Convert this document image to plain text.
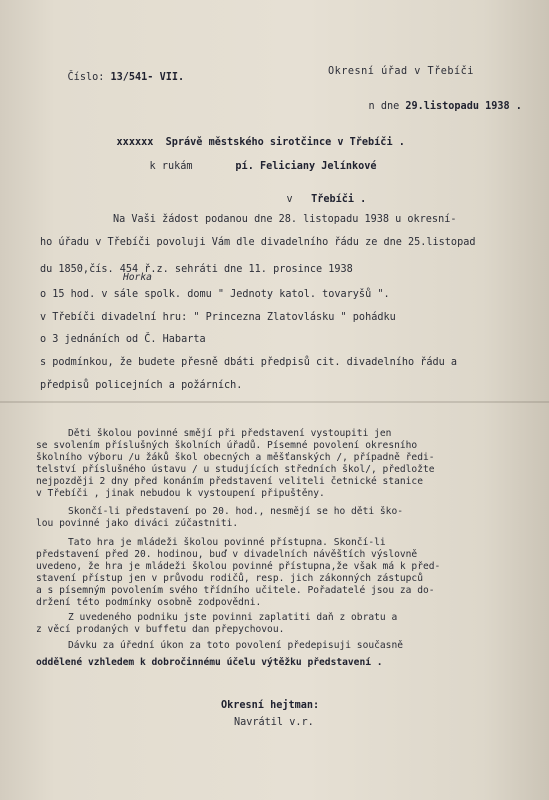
Číslo: 13/541- VII.

Okresní úřad v Třebíči

n dne 29.listopadu 1938 .

xxxxxx Správě městského sirotčince v Třebíči .

k rukám	pí. Feliciany Jelínkové

v Třebíči .

Na Vaši žádost podanou dne 28. listopadu 1938 u okresní-
ho úřadu v Třebíči povoluji Vám dle divadelního řádu ze dne 25.listopad
du 1850,čís. 454 ř.z. sehráti dne 11. prosince 1938
Horka
o 15 hod. v sále spolk. domu " Jednoty katol. tovaryšů ".
v Třebíči divadelní hru: " Princezna Zlatovlásku " pohádku
o 3 jednáních od Č. Habarta
s podmínkou, že budete přesně dbáti předpisů cit. divadelního řádu a
předpisů policejních a požárních.
Děti školou povinné smějí při představení vystoupiti jen
se svolením příslušných školních úřadů. Písemné povolení okresního
školního výboru /u žáků škol obecných a měšťanských /, případně ředi-
telství příslušného ústavu / u studujících středních škol/, předložte
nejpozději 2 dny před konáním představení veliteli četnické stanice
v Třebíči , jinak nebudou k vystoupení připuštěny.
Skončí-li představení po 20. hod., nesmějí se ho děti ško-
lou povinné jako diváci zúčastniti.
Tato hra je mládeži školou povinné přístupna. Skončí-li
představení před 20. hodinou, buď v divadelních návěštích výslovně
uvedeno, že hra je mládeži školou povinné přístupna,že však má k před-
stavení přístup jen v průvodu rodičů, resp. jich zákonných zástupců
a s písemným povolením svého třídního učitele. Pořadatelé jsou za do-
držení této podmínky osobně zodpovědni.
Z uvedeného podniku jste povinni zaplatiti daň z obratu a
z věcí prodaných v buffetu dan přepychovou.
Dávku za úřední úkon za toto povolení předepisuji současně
oddělené vzhledem k dobročinnému účelu výtěžku představení .
Okresní hejtman:
Navrátil v.r.
